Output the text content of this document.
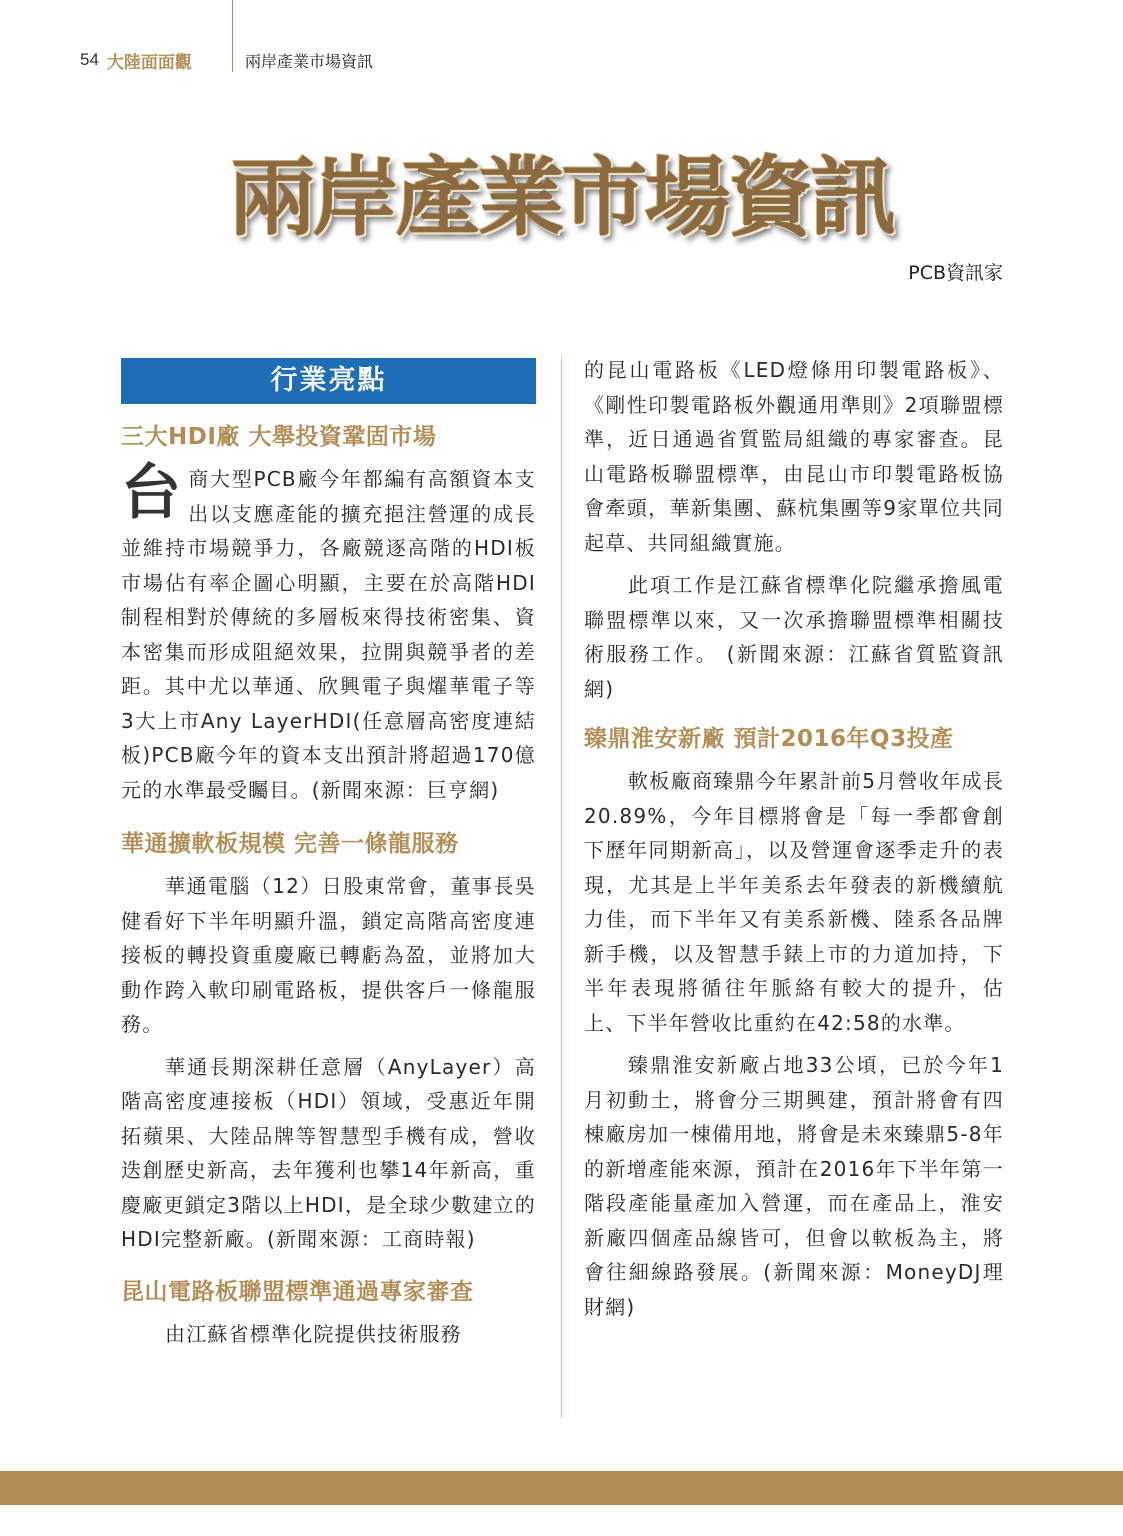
54 大陸面面觀	兩岸產業市場資訊
兩岸產業市場資訊
PCB資訊家
行業亮點
三大HDI廠 大舉投資鞏固市場

台商大型PCB廠今年都編有高額資本支出以支應產能的擴充挹注營運的成長並維持市場競爭力，各廠競逐高階的HDI板市場佔有率企圖心明顯，主要在於高階HDI制程相對於傳統的多層板來得技術密集、資本密集而形成阻絕效果，拉開與競爭者的差距。其中尤以華通、欣興電子與燿華電子等3大上市Any LayerHDI(任意層高密度連結板)PCB廠今年的資本支出預計將超過170億元的水準最受矚目。(新聞來源：巨亨網)

華通擴軟板規模 完善一條龍服務

華通電腦（12）日股東常會，董事長吳健看好下半年明顯升溫，鎖定高階高密度連接板的轉投資重慶廠已轉虧為盈，並將加大動作跨入軟印刷電路板，提供客戶一條龍服務。

華通長期深耕任意層（AnyLayer）高階高密度連接板（HDI）領域，受惠近年開拓蘋果、大陸品牌等智慧型手機有成，營收迭創歷史新高，去年獲利也攀14年新高，重慶廠更鎖定3階以上HDI，是全球少數建立的HDI完整新廠。(新聞來源：工商時報)

昆山電路板聯盟標準通過專家審查

由江蘇省標準化院提供技術服務

的昆山電路板《LED燈條用印製電路板》、《剛性印製電路板外觀通用準則》2項聯盟標準，近日通過省質監局組織的專家審查。昆山電路板聯盟標準，由昆山市印製電路板協會牽頭，華新集團、蘇杭集團等9家單位共同起草、共同組織實施。

此項工作是江蘇省標準化院繼承擔風電聯盟標準以來，又一次承擔聯盟標準相關技術服務工作。 (新聞來源：江蘇省質監資訊網)

臻鼎淮安新廠 預計2016年Q3投產

軟板廠商臻鼎今年累計前5月營收年成長20.89%，今年目標將會是「每一季都會創下歷年同期新高」，以及營運會逐季走升的表現，尤其是上半年美系去年發表的新機續航力佳，而下半年又有美系新機、陸系各品牌新手機，以及智慧手錶上市的力道加持，下半年表現將循往年脈絡有較大的提升，估上、下半年營收比重約在42:58的水準。

臻鼎淮安新廠占地33公頃，已於今年1月初動土，將會分三期興建，預計將會有四棟廠房加一棟備用地，將會是未來臻鼎5-8年的新增產能來源，預計在2016年下半年第一階段產能量產加入營運，而在產品上，淮安新廠四個產品線皆可，但會以軟板為主，將會往細線路發展。(新聞來源：MoneyDJ理財網)
